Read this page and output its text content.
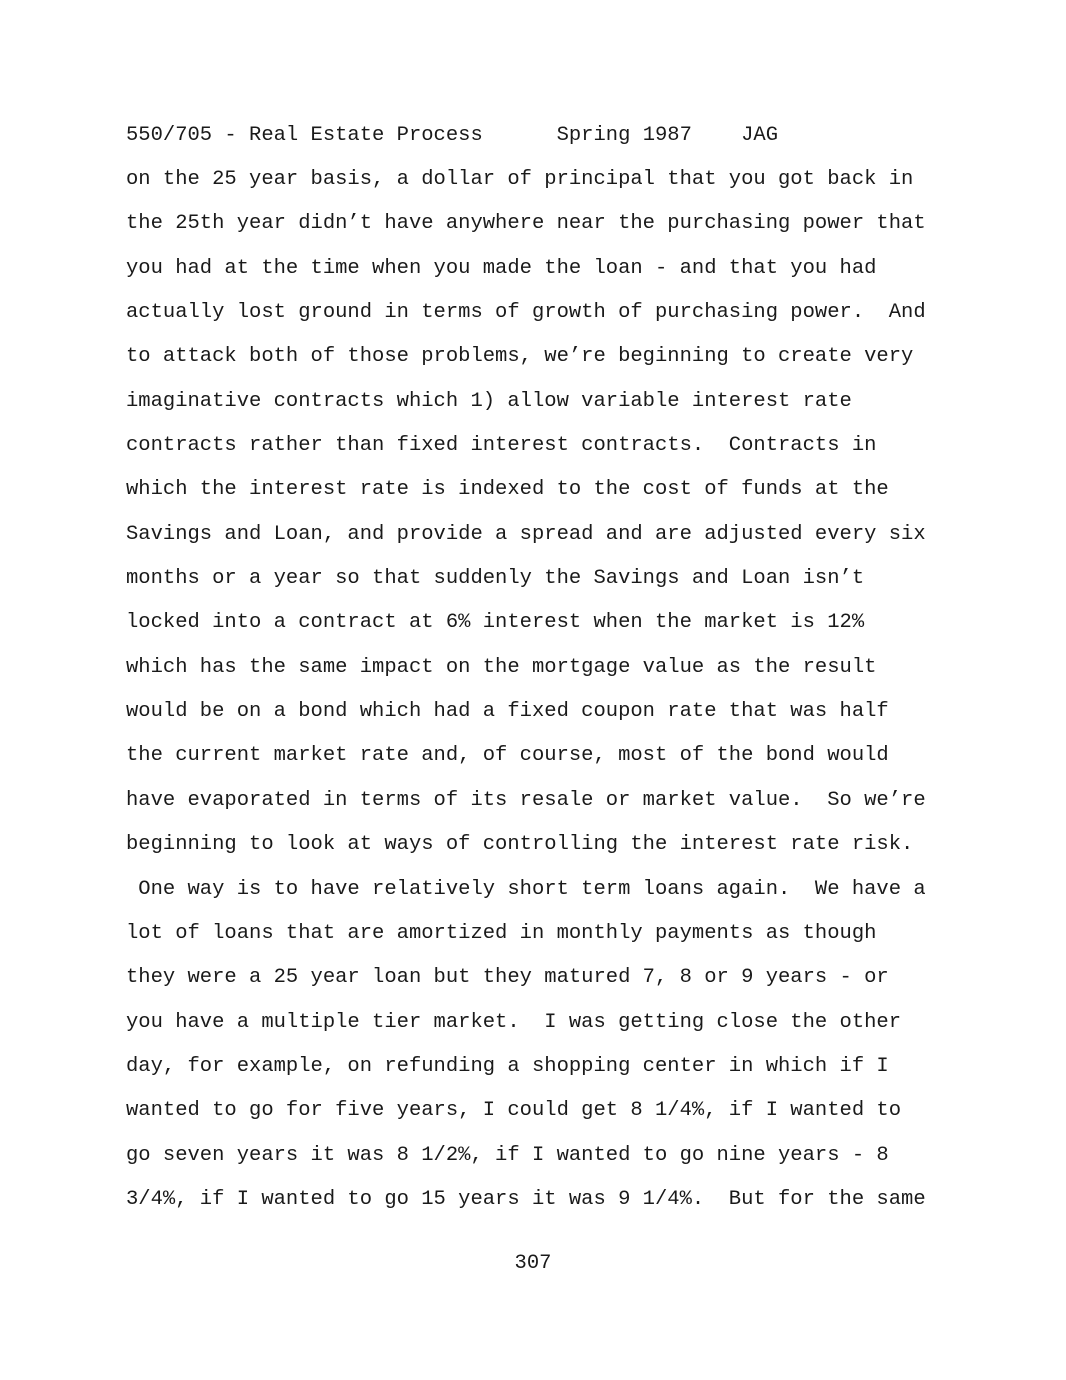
550/705 - Real Estate Process	Spring 1987 JAG
on the 25 year basis, a dollar of principal that you got back in
the 25th year didn’t have anywhere near the purchasing power that
you had at the time when you made the loan - and that you had
actually lost ground in terms of growth of purchasing power.  And
to attack both of those problems, we’re beginning to create very
imaginative contracts which 1) allow variable interest rate
contracts rather than fixed interest contracts.  Contracts in
which the interest rate is indexed to the cost of funds at the
Savings and Loan, and provide a spread and are adjusted every six
months or a year so that suddenly the Savings and Loan isn’t
locked into a contract at 6% interest when the market is 12%
which has the same impact on the mortgage value as the result
would be on a bond which had a fixed coupon rate that was half
the current market rate and, of course, most of the bond would
have evaporated in terms of its resale or market value.  So we’re
beginning to look at ways of controlling the interest rate risk.
One way is to have relatively short term loans again.  We have a
lot of loans that are amortized in monthly payments as though
they were a 25 year loan but they matured 7, 8 or 9 years - or
you have a multiple tier market.  I was getting close the other
day, for example, on refunding a shopping center in which if I
wanted to go for five years, I could get 8 1/4%, if I wanted to
go seven years it was 8 1/2%, if I wanted to go nine years - 8
3/4%, if I wanted to go 15 years it was 9 1/4%.  But for the same
307
